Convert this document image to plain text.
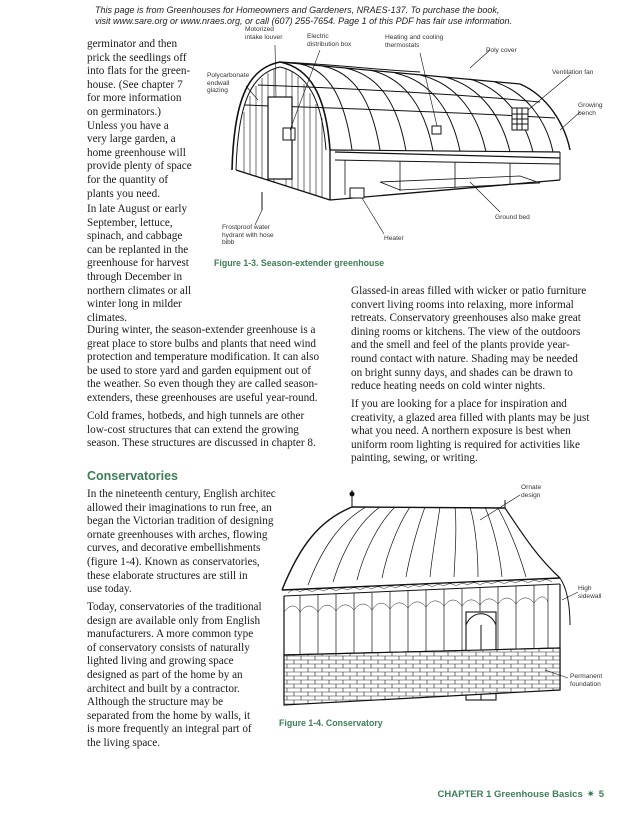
This page is from Greenhouses for Homeowners and Gardeners, NRAES-137. To purchase the book,
visit www.sare.org or www.nraes.org, or call (607) 255-7654. Page 1 of this PDF has fair use information.
germinator and then
prick the seedlings off
into flats for the green-
house. (See chapter 7
for more information
on germinators.)
Unless you have a
very large garden, a
home greenhouse will
provide plenty of space
for the quantity of
plants you need.
In late August or early
September, lettuce,
spinach, and cabbage
can be replanted in the
greenhouse for harvest
through December in
northern climates or all
winter long in milder
climates.
During winter, the season-extender greenhouse is a
great place to store bulbs and plants that need wind
protection and temperature modification. It can also
be used to store yard and garden equipment out of
the weather. So even though they are called season-
extenders, these greenhouses are useful year-round.
Cold frames, hotbeds, and high tunnels are other
low-cost structures that can extend the growing
season. These structures are discussed in chapter 8.
Glassed-in areas filled with wicker or patio furniture
convert living rooms into relaxing, more informal
retreats. Conservatory greenhouses also make great
dining rooms or kitchens. The view of the outdoors
and the smell and feel of the plants provide year-
round contact with nature. Shading may be needed
on bright sunny days, and shades can be drawn to
reduce heating needs on cold winter nights.
If you are looking for a place for inspiration and
creativity, a glazed area filled with plants may be just
what you need. A northern exposure is best when
uniform room lighting is required for activities like
painting, sewing, or writing.
Conservatories
In the nineteenth century, English architec
allowed their imaginations to run free, an
began the Victorian tradition of designing
ornate greenhouses with arches, flowing
curves, and decorative embellishments
(figure 1-4). Known as conservatories,
these elaborate structures are still in
use today.
Today, conservatories of the traditional
design are available only from English
manufacturers. A more common type
of conservatory consists of naturally
lighted living and growing space
designed as part of the home by an
architect and built by a contractor.
Although the structure may be
separated from the home by walls, it
is more frequently an integral part of
the living space.
Motorized
intake louver	Electric
distribution box
Heating and cooling
thermostats
Poly cover
Polycarbonate
endwall
glazing
Ventilation fan
Growing
bench
Ground bed
Frostproof water
hydrant with hose
bibb
Heater
Figure 1-3. Season-extender greenhouse
Ornate
design
High
sidewall
Permanent
foundation
Figure 1-4. Conservatory
CHAPTER 1 Greenhouse Basics ✷ 5
